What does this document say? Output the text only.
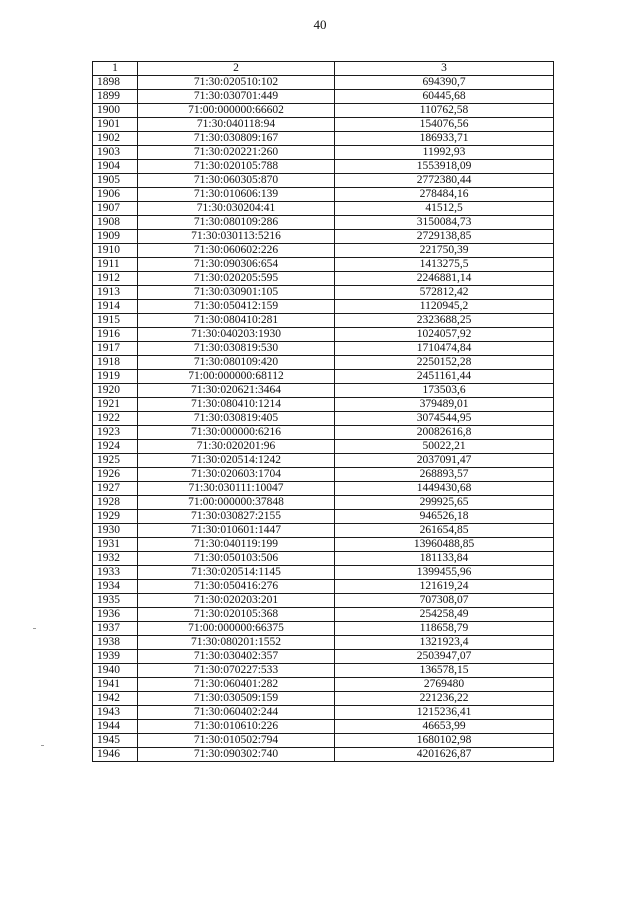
40
1	2	3
1898	71:30:020510:102	694390,7
1899	71:30:030701:449	60445,68
1900	71:00:000000:66602	110762,58
1901	71:30:040118:94	154076,56
1902	71:30:030809:167	186933,71
1903	71:30:020221:260	11992,93
1904	71:30:020105:788	1553918,09
1905	71:30:060305:870	2772380,44
1906	71:30:010606:139	278484,16
1907	71:30:030204:41	41512,5
1908	71:30:080109:286	3150084,73
1909	71:30:030113:5216	2729138,85
1910	71:30:060602:226	221750,39
1911	71:30:090306:654	1413275,5
1912	71:30:020205:595	2246881,14
1913	71:30:030901:105	572812,42
1914	71:30:050412:159	1120945,2
1915	71:30:080410:281	2323688,25
1916	71:30:040203:1930	1024057,92
1917	71:30:030819:530	1710474,84
1918	71:30:080109:420	2250152,28
1919	71:00:000000:68112	2451161,44
1920	71:30:020621:3464	173503,6
1921	71:30:080410:1214	379489,01
1922	71:30:030819:405	3074544,95
1923	71:30:000000:6216	20082616,8
1924	71:30:020201:96	50022,21
1925	71:30:020514:1242	2037091,47
1926	71:30:020603:1704	268893,57
1927	71:30:030111:10047	1449430,68
1928	71:00:000000:37848	299925,65
1929	71:30:030827:2155	946526,18
1930	71:30:010601:1447	261654,85
1931	71:30:040119:199	13960488,85
1932	71:30:050103:506	181133,84
1933	71:30:020514:1145	1399455,96
1934	71:30:050416:276	121619,24
1935	71:30:020203:201	707308,07
1936	71:30:020105:368	254258,49
1937	71:00:000000:66375	118658,79
1938	71:30:080201:1552	1321923,4
1939	71:30:030402:357	2503947,07
1940	71:30:070227:533	136578,15
1941	71:30:060401:282	2769480
1942	71:30:030509:159	221236,22
1943	71:30:060402:244	1215236,41
1944	71:30:010610:226	46653,99
1945	71:30:010502:794	1680102,98
1946	71:30:090302:740	4201626,87
